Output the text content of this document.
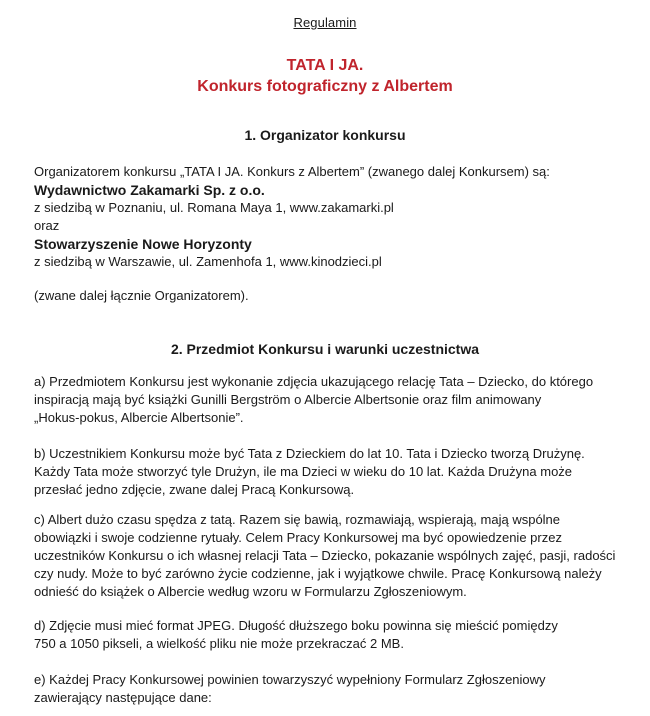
Regulamin
TATA I JA.
Konkurs fotograficzny z Albertem
1. Organizator konkursu
Organizatorem konkursu „TATA I JA. Konkurs z Albertem” (zwanego dalej Konkursem) są:
Wydawnictwo Zakamarki Sp. z o.o.
z siedzibą w Poznaniu, ul. Romana Maya 1, www.zakamarki.pl
oraz
Stowarzyszenie Nowe Horyzonty
z siedzibą w Warszawie, ul. Zamenhofa 1, www.kinodzieci.pl
(zwane dalej łącznie Organizatorem).
2. Przedmiot Konkursu i warunki uczestnictwa
a) Przedmiotem Konkursu jest wykonanie zdjęcia ukazującego relację Tata – Dziecko, do którego
inspiracją mają być książki Gunilli Bergström o Albercie Albertsonie oraz film animowany
„Hokus-pokus, Albercie Albertsonie”.
b) Uczestnikiem Konkursu może być Tata z Dzieckiem do lat 10. Tata i Dziecko tworzą Drużynę.
Każdy Tata może stworzyć tyle Drużyn, ile ma Dzieci w wieku do 10 lat. Każda Drużyna może
przesłać jedno zdjęcie, zwane dalej Pracą Konkursową.
c) Albert dużo czasu spędza z tatą. Razem się bawią, rozmawiają, wspierają, mają wspólne
obowiązki i swoje codzienne rytuały. Celem Pracy Konkursowej ma być opowiedzenie przez
uczestników Konkursu o ich własnej relacji Tata – Dziecko, pokazanie wspólnych zajęć, pasji, radości
czy nudy. Może to być zarówno życie codzienne, jak i wyjątkowe chwile. Pracę Konkursową należy
odnieść do książek o Albercie według wzoru w Formularzu Zgłoszeniowym.
d) Zdjęcie musi mieć format JPEG. Długość dłuższego boku powinna się mieścić pomiędzy
750 a 1050 pikseli, a wielkość pliku nie może przekraczać 2 MB.
e) Każdej Pracy Konkursowej powinien towarzyszyć wypełniony Formularz Zgłoszeniowy
zawierający następujące dane:
